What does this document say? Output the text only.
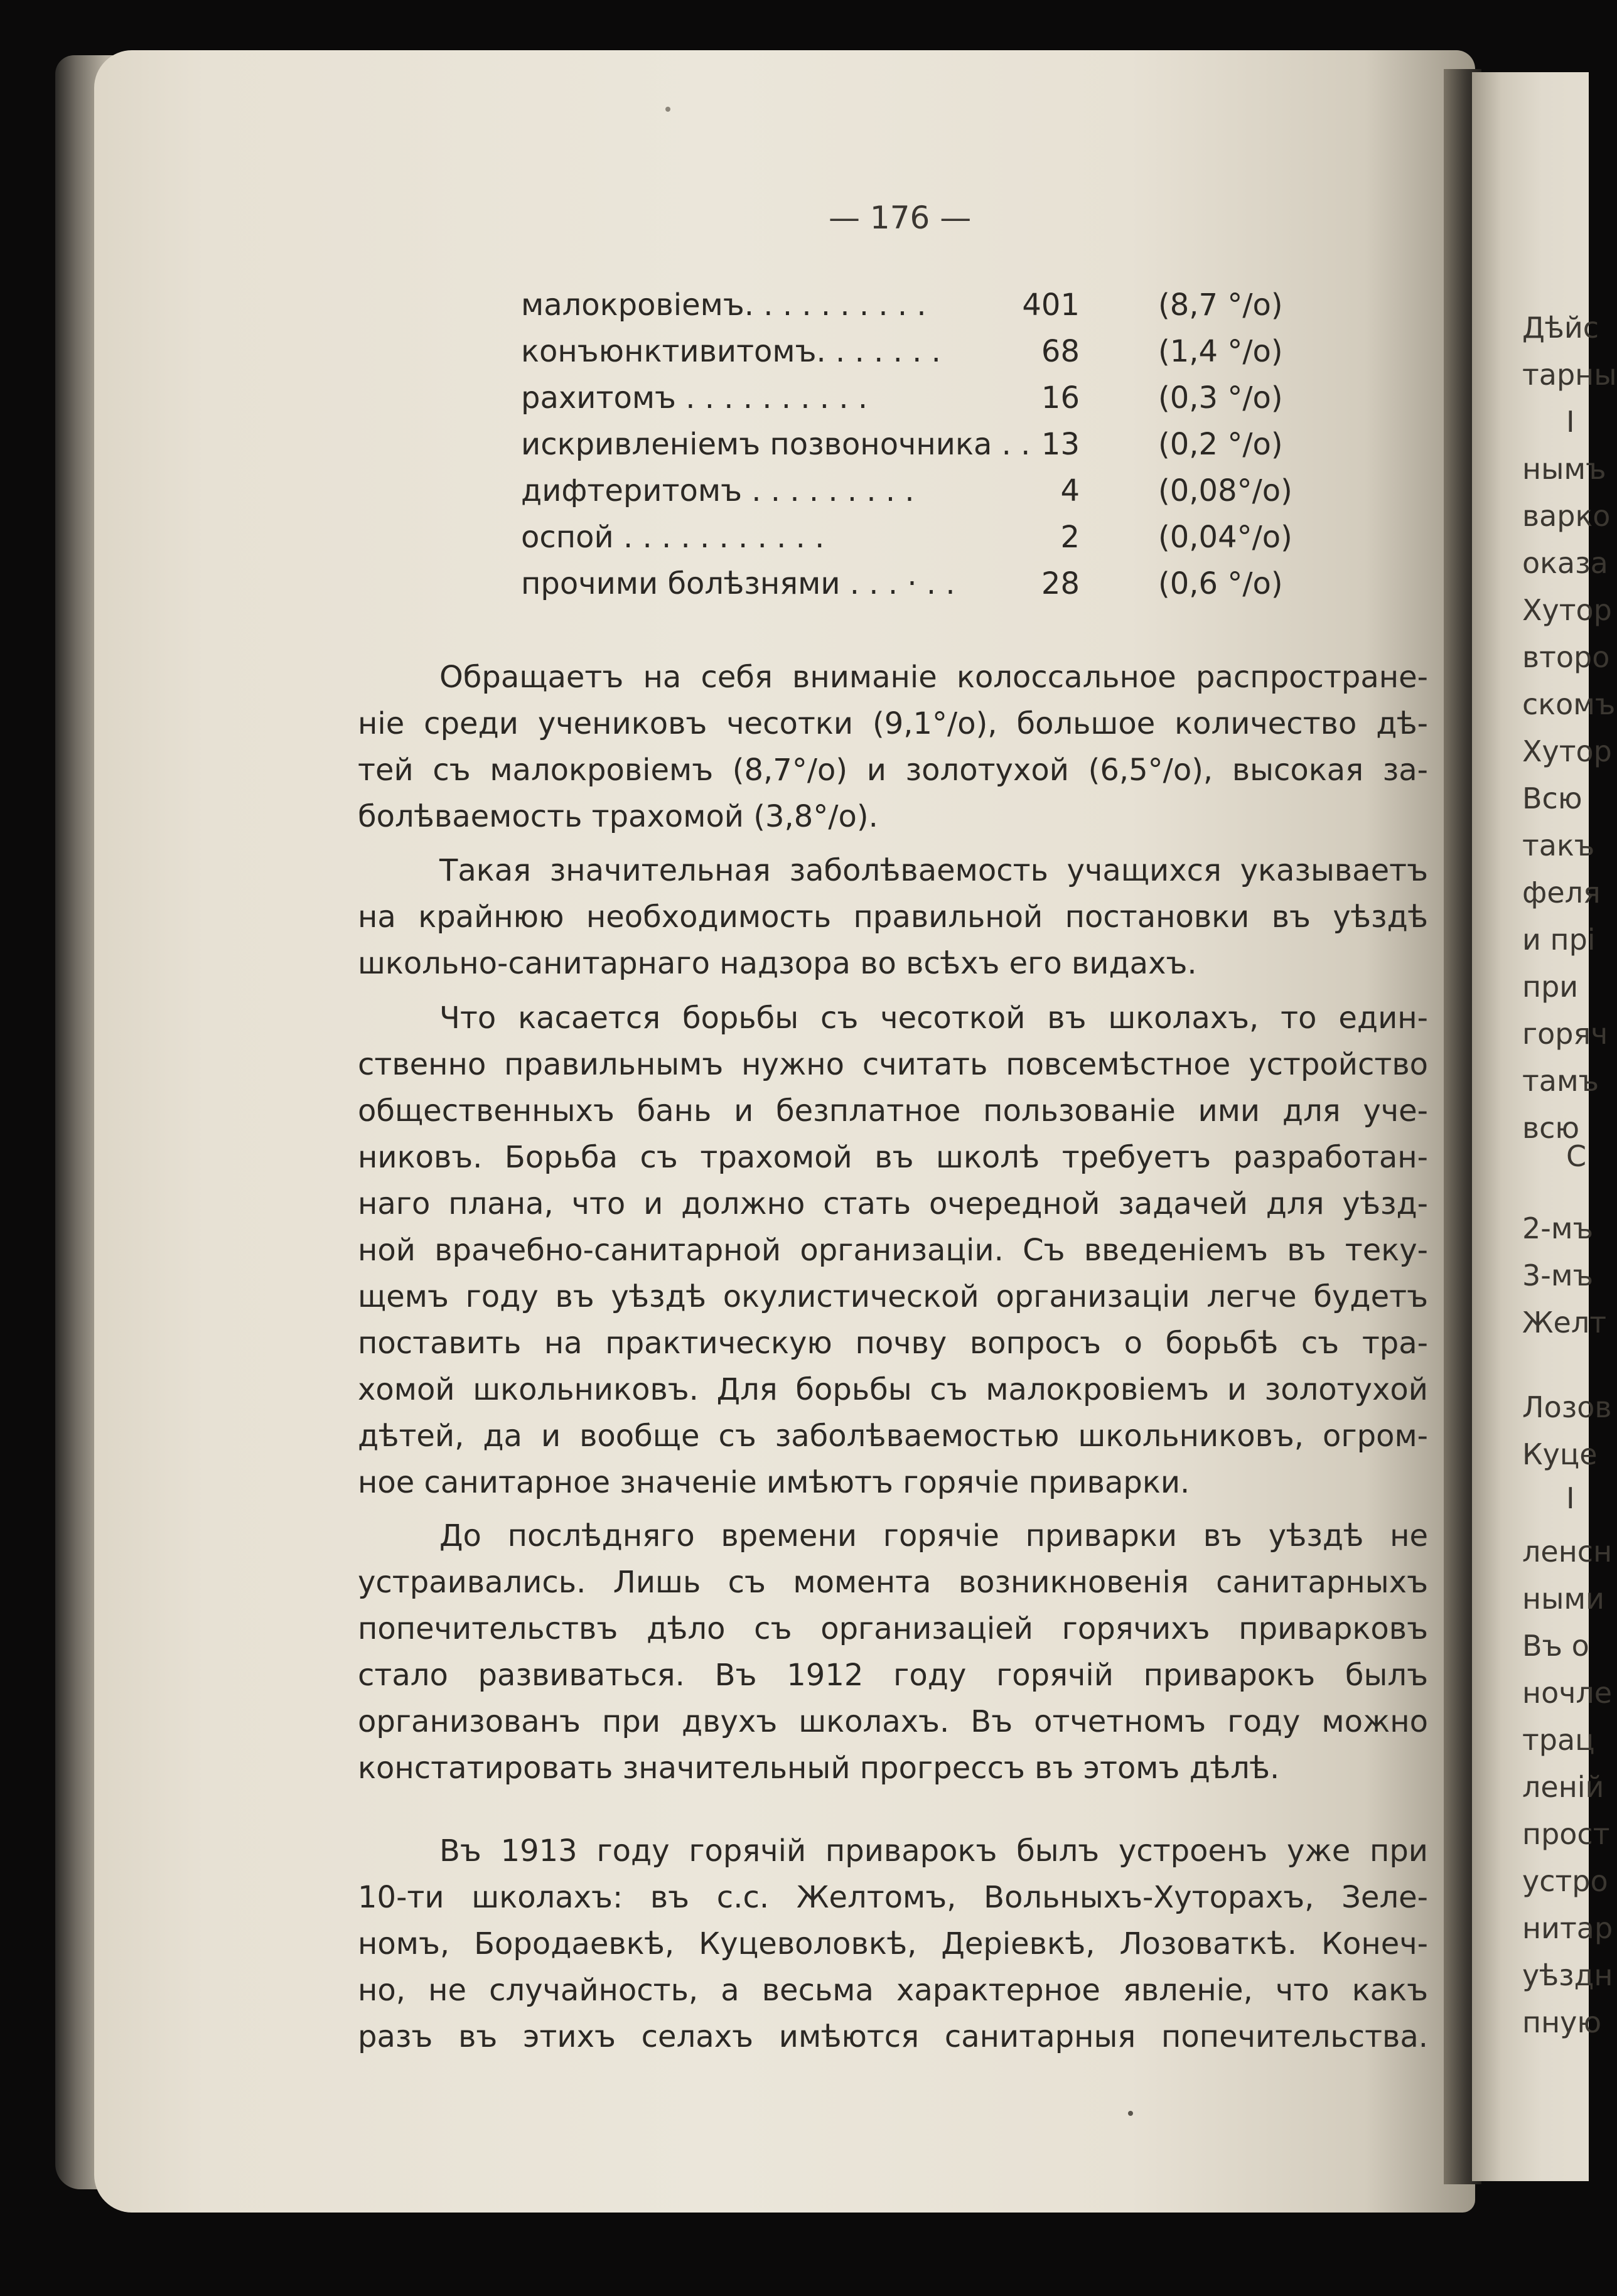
— 176 —
малокровіемъ. . . . . . . . . .	401	(8,7 °/o)
конъюнктивитомъ. . . . . . .	68	(1,4 °/o)
рахитомъ . . . . . . . . . .	16	(0,3 °/o)
искривленіемъ позвоночника . . 13	(0,2 °/o)
дифтеритомъ . . . . . . . . .	4	(0,08°/o)
оспой . . . . . . . . . . .	2	(0,04°/o)
прочими болѣзнями . . . · . .	28	(0,6 °/o)
Обращаетъ на себя вниманіе колоссальное распростране-
ніе среди учениковъ чесотки (9,1°/o), большое количество дѣ-
тей съ малокровіемъ (8,7°/o) и золотухой (6,5°/o), высокая за-
болѣваемость трахомой (3,8°/o).
Такая значительная заболѣваемость учащихся указываетъ
на крайнюю необходимость правильной постановки въ уѣздѣ
школьно-санитарнаго надзора во всѣхъ его видахъ.
Что касается борьбы съ чесоткой въ школахъ, то един-
ственно правильнымъ нужно считать повсемѣстное устройство
общественныхъ бань и безплатное пользованіе ими для уче-
никовъ. Борьба съ трахомой въ школѣ требуетъ разработан-
наго плана, что и должно стать очередной задачей для уѣзд-
ной врачебно-санитарной организаціи. Съ введеніемъ въ теку-
щемъ году въ уѣздѣ окулистической организаціи легче будетъ
поставить на практическую почву вопросъ о борьбѣ съ тра-
хомой школьниковъ. Для борьбы съ малокровіемъ и золотухой
дѣтей, да и вообще съ заболѣваемостью школьниковъ, огром-
ное санитарное значеніе имѣютъ горячіе приварки.
До послѣдняго времени горячіе приварки въ уѣздѣ не
устраивались. Лишь съ момента возникновенія санитарныхъ
попечительствъ дѣло съ организаціей горячихъ приварковъ
стало развиваться. Въ 1912 году горячій приварокъ былъ
организованъ при двухъ школахъ. Въ отчетномъ году можно
констатировать значительный прогрессъ въ этомъ дѣлѣ.
Въ 1913 году горячій приварокъ былъ устроенъ уже при
10-ти школахъ: въ с.с. Желтомъ, Вольныхъ-Хуторахъ, Зеле-
номъ, Бородаевкѣ, Куцеволовкѣ, Деріевкѣ, Лозоваткѣ. Конеч-
но, не случайность, а весьма характерное явленіе, что какъ
разъ въ этихъ селахъ имѣются санитарныя попечительства.
Дѣйс
тарны
I
нымъ
варко
оказа
Хутор
второ
скомъ
Хутор
Всю
такъ
феля
и прі
при
горяч
тамъ
всю
С
2-мъ
3-мъ
Желт
Лозов
Куце
I
ленсн
ными
Въ о
ночле
трац
леній
прост
устро
нитар
уѣздн
пную
